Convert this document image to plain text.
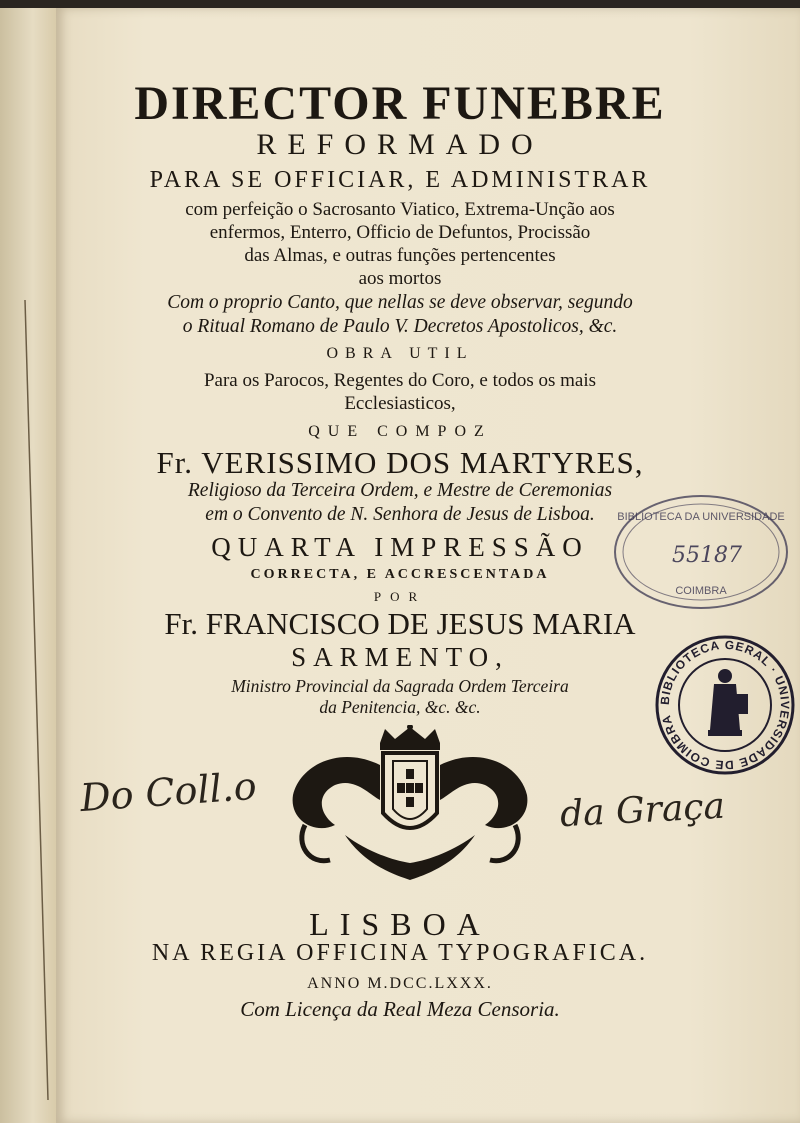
DIRECTOR FUNEBRE
REFORMADO
PARA SE OFFICIAR, E ADMINISTRAR
com perfeição o Sacrosanto Viatico, Extrema-Unção aos
enfermos, Enterro, Officio de Defuntos, Procissão
das Almas, e outras funções pertencentes
aos mortos
Com o proprio Canto, que nellas se deve observar, segundo
o Ritual Romano de Paulo V. Decretos Apostolicos, &c.
OBRA UTIL
Para os Parocos, Regentes do Coro, e todos os mais
Ecclesiasticos,
QUE COMPOZ
Fr. VERISSIMO DOS MARTYRES,
Religioso da Terceira Ordem, e Mestre de Ceremonias
em o Convento de N. Senhora de Jesus de Lisboa.
QUARTA IMPRESSÃO
CORRECTA, E ACCRESCENTADA
POR
Fr. FRANCISCO DE JESUS MARIA
SARMENTO,
Ministro Provincial da Sagrada Ordem Terceira
da Penitencia, &c. &c.
Do Coll.o	da Graça
BIBLIOTECA DA UNIVERSIDADE
55187
COIMBRA
BIBLIOTECA GERAL · UNIVERSIDADE DE COIMBRA
LISBOA
NA REGIA OFFICINA TYPOGRAFICA.
ANNO M.DCC.LXXX.
Com Licença da Real Meza Censoria.
